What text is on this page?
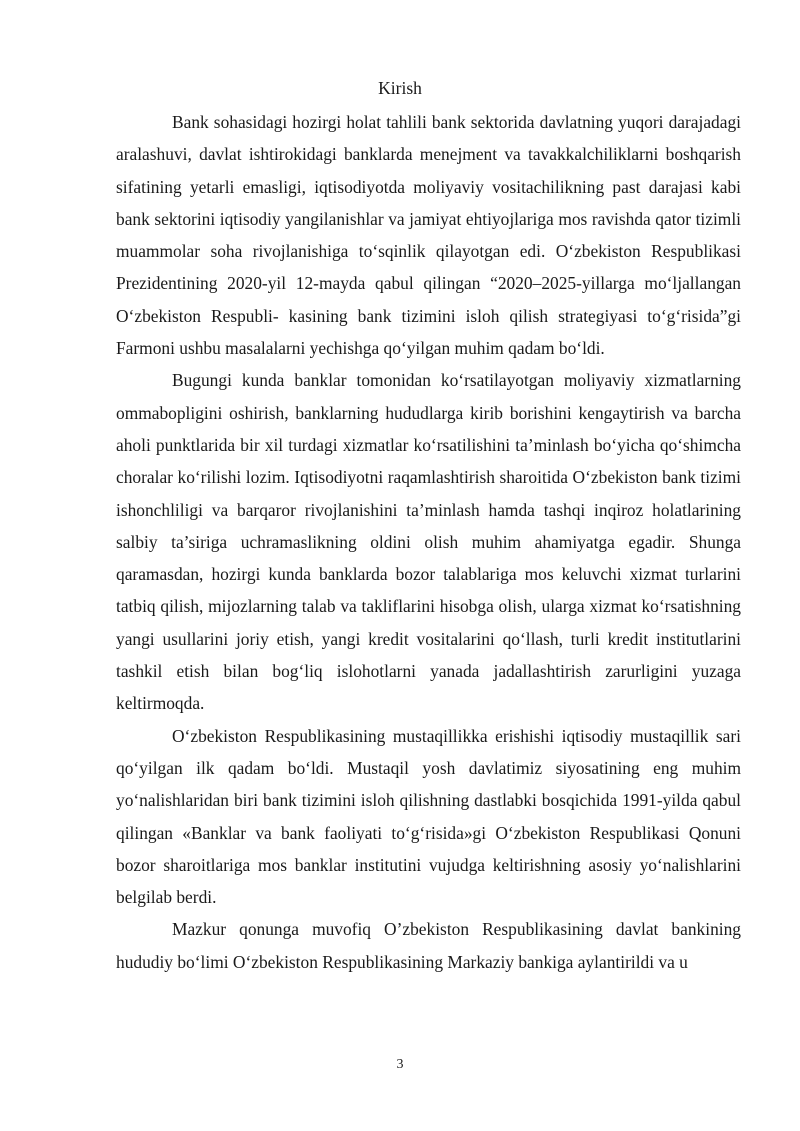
Kirish

Bank sohasidagi hozirgi holat tahlili bank sektorida davlatning yuqori darajadagi aralashuvi, davlat ishtirokidagi banklarda menejment va tavakkalchiliklarni boshqarish sifatining yetarli emasligi, iqtisodiyotda moliyaviy vositachilikning past darajasi kabi bank sektorini iqtisodiy yangilanishlar va jamiyat ehtiyojlariga mos ravishda qator tizimli muammolar soha rivojlanishiga to‘sqinlik qilayotgan edi. O‘zbekiston Respublikasi Prezidentining 2020-yil 12-mayda qabul qilingan “2020–2025-yillarga mo‘ljallangan O‘zbekiston Respubli- kasining bank tizimini isloh qilish strategiyasi to‘g‘risida”gi Farmoni ushbu masalalarni yechishga qo‘yilgan muhim qadam bo‘ldi.

Bugungi kunda banklar tomonidan ko‘rsatilayotgan moliyaviy xizmatlarning ommabopligini oshirish, banklarning hududlarga kirib borishini kengaytirish va barcha aholi punktlarida bir xil turdagi xizmatlar ko‘rsatilishini ta’minlash bo‘yicha qo‘shimcha choralar ko‘rilishi lozim. Iqtisodiyotni raqamlashtirish sharoitida O‘zbekiston bank tizimi ishonchliligi va barqaror rivojlanishini ta’minlash hamda tashqi inqiroz holatlarining salbiy ta’siriga uchramaslikning oldini olish muhim ahamiyatga egadir. Shunga qaramasdan, hozirgi kunda banklarda bozor talablariga mos keluvchi xizmat turlarini tatbiq qilish, mijozlarning talab va takliflarini hisobga olish, ularga xizmat ko‘rsatishning yangi usullarini joriy etish, yangi kredit vositalarini qo‘llash, turli kredit institutlarini tashkil etish bilan bog‘liq islohotlarni yanada jadallashtirish zarurligini yuzaga keltirmoqda.

O‘zbekiston Respublikasining mustaqillikka erishishi iqtisodiy mustaqillik sari qo‘yilgan ilk qadam bo‘ldi. Mustaqil yosh davlatimiz siyosatining eng muhim yo‘nalishlaridan biri bank tizimini isloh qilishning dastlabki bosqichida 1991-yilda qabul qilingan «Banklar va bank faoliyati to‘g‘risida»gi O‘zbekiston Respublikasi Qonuni bozor sharoitlariga mos banklar institutini vujudga keltirishning asosiy yo‘nalishlarini belgilab berdi.

Mazkur qonunga muvofiq O’zbekiston Respublikasining davlat bankining hududiy bo‘limi O‘zbekiston Respublikasining Markaziy bankiga aylantirildi va u

3
